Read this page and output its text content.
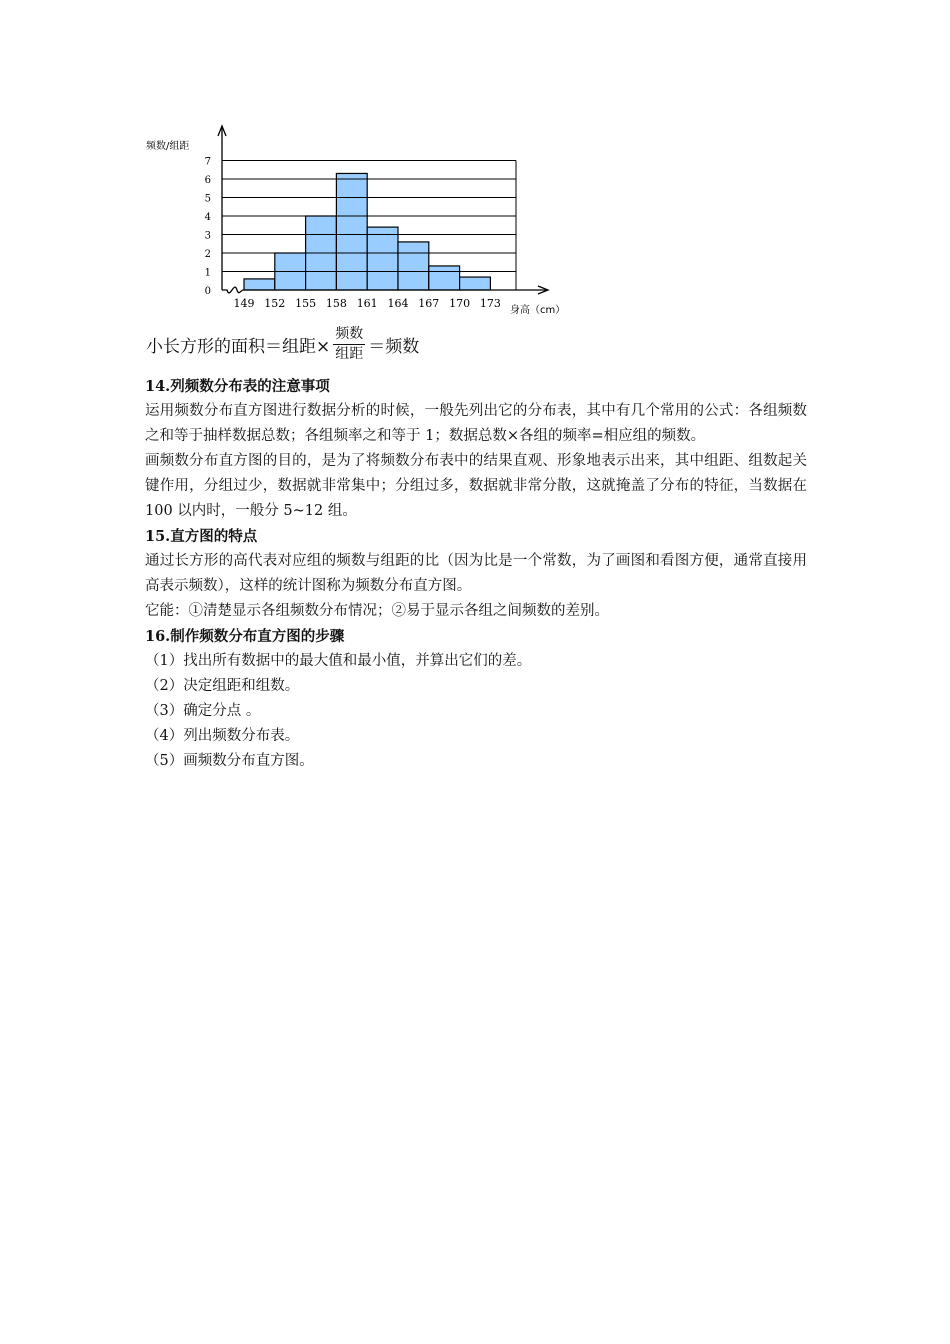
0
1
2
3
4
5
6
7
149 152 155 158 161 164 167 170 173
频数/组距
身高（cm）
小长方形的面积＝组距× $\frac{\text{频数}}{\text{组距}}$ ＝频数
14.列频数分布表的注意事项

运用频数分布直方图进行数据分析的时候，一般先列出它的分布表，其中有几个常用的公式：各组频数之和等于抽样数据总数；各组频率之和等于 1；数据总数×各组的频率=相应组的频数。

画频数分布直方图的目的，是为了将频数分布表中的结果直观、形象地表示出来，其中组距、组数起关键作用，分组过少，数据就非常集中；分组过多，数据就非常分散，这就掩盖了分布的特征，当数据在 100 以内时，一般分 5~12 组。

15.直方图的特点

通过长方形的高代表对应组的频数与组距的比（因为比是一个常数，为了画图和看图方便，通常直接用高表示频数），这样的统计图称为频数分布直方图。

它能：①清楚显示各组频数分布情况；②易于显示各组之间频数的差别。

16.制作频数分布直方图的步骤

（1）找出所有数据中的最大值和最小值，并算出它们的差。

（2）决定组距和组数。

（3）确定分点 。

（4）列出频数分布表。

（5）画频数分布直方图。
